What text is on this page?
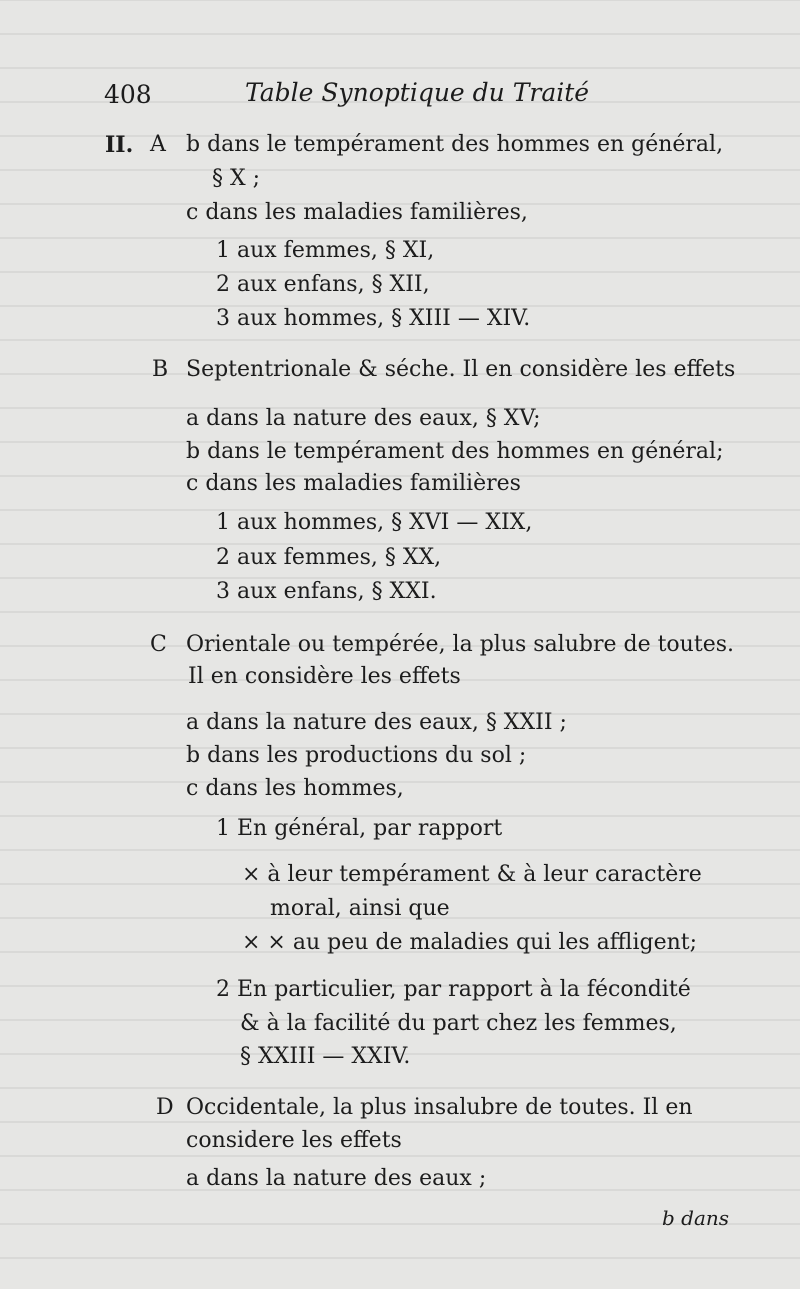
408	Table Synoptique du Traité
II. A b dans le tempérament des hommes en général,
§ X ;
c dans les maladies familières,
1 aux femmes, § XI,
2 aux enfans, § XII,
3 aux hommes, § XIII — XIV.
B Septentrionale & séche. Il en considère les effets
a dans la nature des eaux, § XV;
b dans le tempérament des hommes en général;
c dans les maladies familières
1 aux hommes, § XVI — XIX,
2 aux femmes, § XX,
3 aux enfans, § XXI.
C Orientale ou tempérée, la plus salubre de toutes.
Il en considère les effets
a dans la nature des eaux, § XXII ;
b dans les productions du sol ;
c dans les hommes,
1 En général, par rapport
× à leur tempérament & à leur caractère
moral, ainsi que
× × au peu de maladies qui les affligent;
2 En particulier, par rapport à la fécondité
& à la facilité du part chez les femmes,
§ XXIII — XXIV.
D Occidentale, la plus insalubre de toutes. Il en
considere les effets
a dans la nature des eaux ;
b dans
